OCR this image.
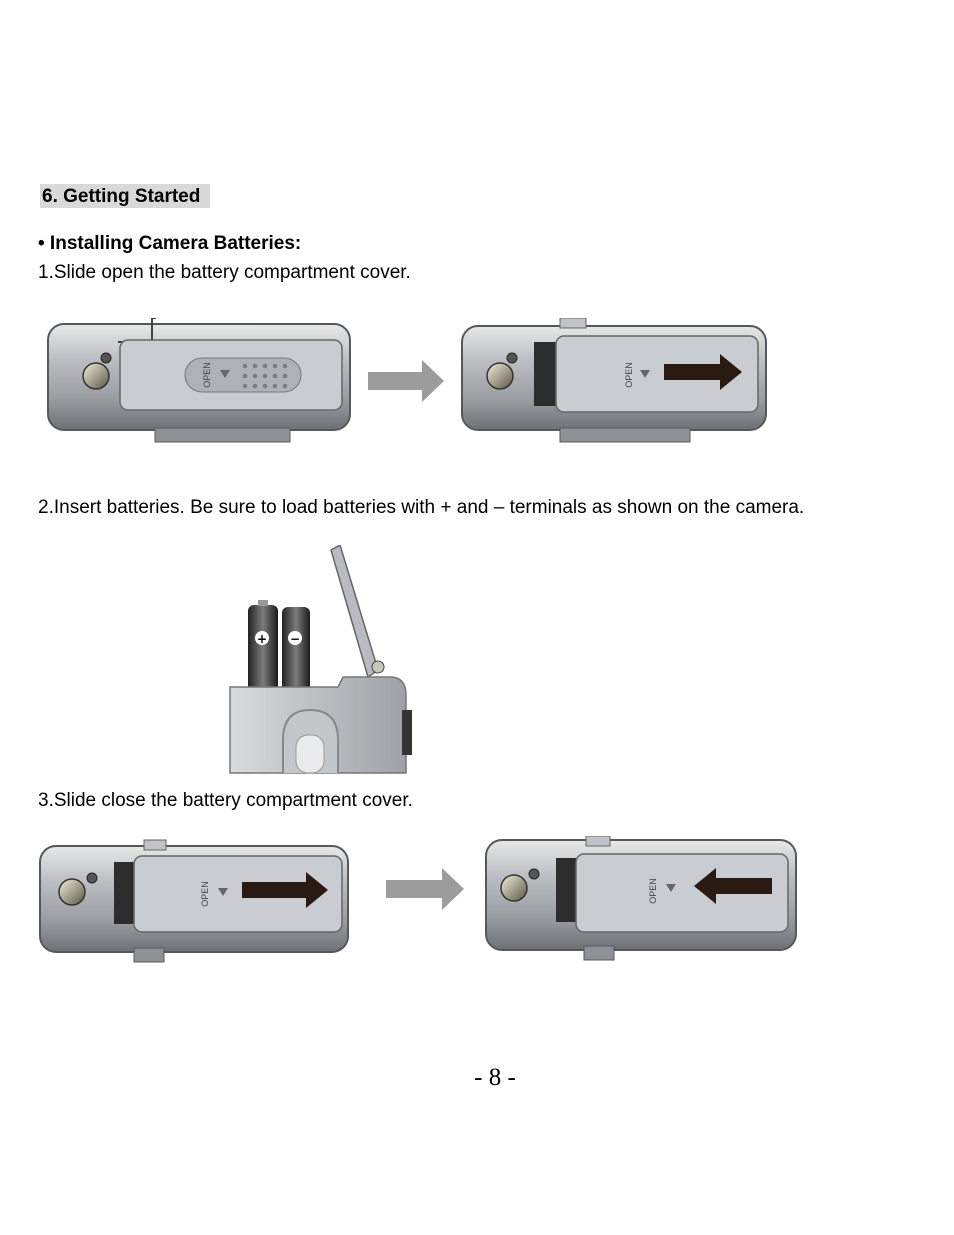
6. Getting Started
• Installing Camera Batteries:
1.Slide open the battery compartment cover.
OPEN	OPEN
2.Insert batteries. Be sure to load batteries with + and – terminals as shown on the camera.
+ −
3.Slide close the battery compartment cover.
OPEN	OPEN
- 8 -
